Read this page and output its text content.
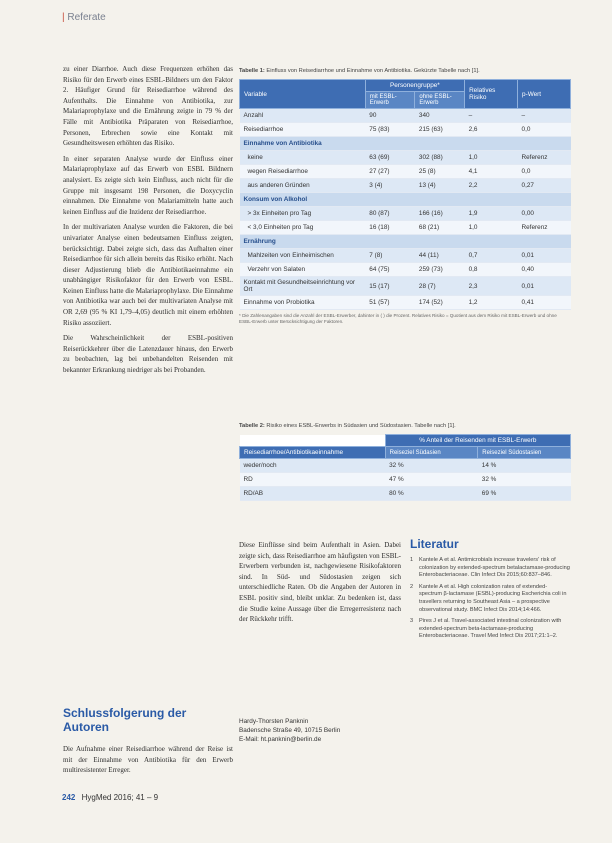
| Referate

zu einer Diarrhoe. Auch diese Frequenzen erhöhen das Risiko für den Erwerb eines ESBL-Bildners um den Faktor 2. Häufiger Grund für Reisediarrhoe während des Aufenthalts. Die Einnahme von Antibiotika, zur Malariaprophylaxe und die Ernährung zeigte in 79 % der Fälle mit Antibiotika Präparaten von Reisediarrhoe, Personen, Erbrechen sowie eine Kontakt mit Gesundheitswesen erhöhten das Risiko.

In einer separaten Analyse wurde der Einfluss einer Malariaprophylaxe auf das Erwerb von ESBL Bildnern analysiert. Es zeigte sich kein Einfluss, auch nicht für die Gruppe mit insgesamt 198 Personen, die Doxycyclin einnahmen. Die Einnahme von Malariamitteln hatte auch keinen Einfluss auf die Inzidenz der Reisediarrhoe.

In der multivariaten Analyse wurden die Faktoren, die bei univariater Analyse einen bedeutsamen Einfluss zeigten, berücksichtigt. Dabei zeigte sich, dass das Aufhalten einer Reisediarrhoe für sich allein bereits das Risiko erhöht. Nach dieser Adjustierung blieb die Antibiotikaeinnahme ein unabhängiger Risikofaktor für den Erwerb von ESBL. Keinen Einfluss hatte die Malariaprophylaxe. Die Einnahme von Antibiotika war auch bei der multivariaten Analyse mit OR 2,69 (95 % KI 1,79–4,05) deutlich mit einem erhöhten Risiko assoziiert.

Die Wahrscheinlichkeit der ESBL-positiven Reiserückkehrer über die Latenzdauer hinaus, den Erwerb zu beobachten, lag bei unbehandelten Reisenden mit bekannter Erkrankung niedriger als bei Probanden.

Schlussfolgerung der Autoren

Die Aufnahme einer Reisediarrhoe während der Reise ist mit der Einnahme von Antibiotika für den Erwerb multiresistenter Erreger.

Tabelle 1: Einfluss von Reisediarrhoe und Einnahme von Antibiotika. Gekürzte Tabelle nach [1].
Variable	Personengruppe*		Relatives Risiko	p-Wert
	mit ESBL-Erwerb	ohne ESBL-Erwerb		
Anzahl	90	340	–	–
Reisediarrhoe	75 (83)	215 (63)	2,6	0,0
Einnahme von Antibiotika				
keine	63 (69)	302 (88)	1,0	Referenz
wegen Reisediarrhoe	27 (27)	25 (8)	4,1	0,0
aus anderen Gründen	3 (4)	13 (4)	2,2	0,27
Konsum von Alkohol				
> 3x Einheiten pro Tag	80 (87)	166 (16)	1,9	0,00
< 3,0 Einheiten pro Tag	16 (18)	68 (21)	1,0	Referenz
Ernährung				
Mahlzeiten von Einheimischen	7 (8)	44 (11)	0,7	0,01
Verzehr von Salaten	64 (75)	259 (73)	0,8	0,40
Kontakt mit Gesundheitseinrichtung vor Ort	15 (17)	28 (7)	2,3	0,01
Einnahme von Probiotika	51 (57)	174 (52)	1,2	0,41
* Die Zahlenangaben sind die Anzahl der ESBL-Erwerber, dahinter in ( ) die Prozent. Relatives Risiko = Quotient aus dem Risiko mit ESBL-Erwerb und ohne ESBL-Erwerb unter Berücksichtigung der Faktoren.
Tabelle 2: Risiko eines ESBL-Erwerbs in Südasien und Südostasien. Tabelle nach [1].
	% Anteil der Reisenden mit ESBL-Erwerb	
Reisediarrhoe/Antibiotikaeinnahme	Reiseziel Südasien	Reiseziel Südostasien
weder/noch	32 %	14 %
RD	47 %	32 %
RD/AB	80 %	69 %

Diese Einflüsse sind beim Aufenthalt in Asien. Dabei zeigte sich, dass Reisediarrhoe am häufigsten von ESBL-Erwerbern verbunden ist, nachgewiesene Risikofaktoren sind. In Süd- und Südostasien zeigen sich unterschiedliche Raten. Ob die Angaben der Autoren in ESBL positiv sind, bleibt unklar. Zu bedenken ist, dass die Studie keine Aussage über die Erregerresistenz nach der Rückkehr trifft.

Hardy-Thorsten Panknin
Badensche Straße 49, 10715 Berlin
E-Mail: ht.panknin@berlin.de
Literatur
1 Kantele A et al. Antimicrobials increase travelers' risk of colonization by extended-spectrum betalactamase-producing Enterobacteriaceae. Clin Infect Dis 2015;60:837–846.
2 Kantele A et al. High colonization rates of extended-spectrum β-lactamase (ESBL)-producing Escherichia coli in travellers returning to Southeast Asia – a prospective observational study. BMC Infect Dis 2014;14:466.
3 Pires J et al. Travel-associated intestinal colonization with extended-spectrum beta-lactamase-producing Enterobacteriaceae. Travel Med Infect Dis 2017;21:1–2.
242 HygMed 2016; 41 – 9
